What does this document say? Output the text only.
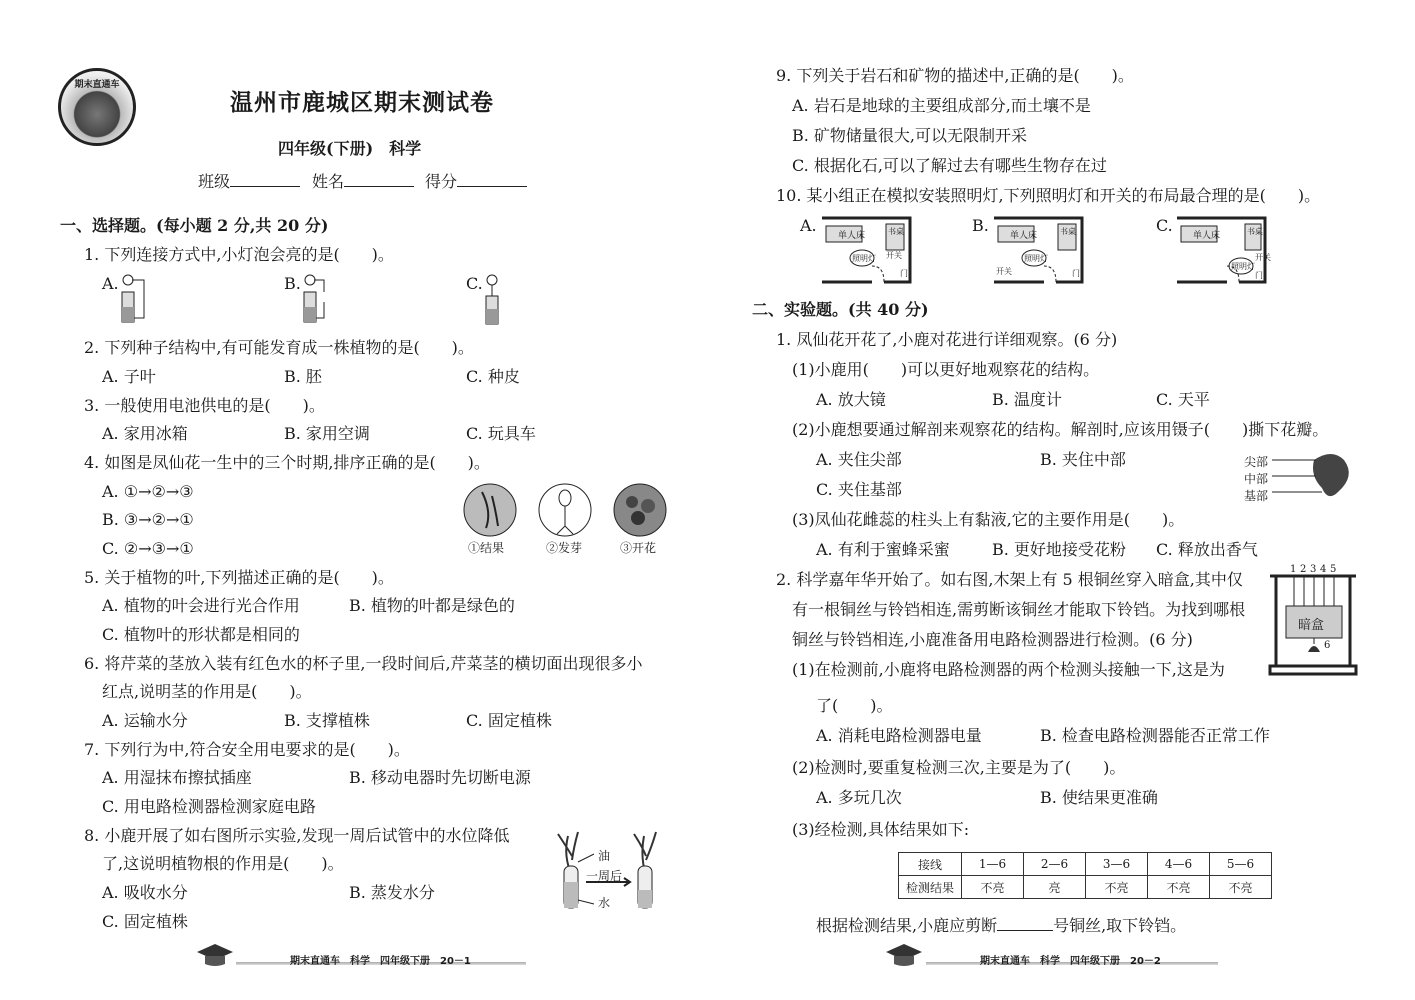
期末直通车
温州市鹿城区期末测试卷
四年级(下册)　科学
班级	姓名	得分
一、选择题。(每小题 2 分,共 20 分)
1. 下列连接方式中,小灯泡会亮的是(　　)。
A.	B.	C.
2. 下列种子结构中,有可能发育成一株植物的是(　　)。
A. 子叶	B. 胚	C. 种皮
3. 一般使用电池供电的是(　　)。
A. 家用冰箱	B. 家用空调	C. 玩具车
4. 如图是凤仙花一生中的三个时期,排序正确的是(　　)。
A. ①→②→③
B. ③→②→①
C. ②→③→①	①结果	②发芽	③开花
5. 关于植物的叶,下列描述正确的是(　　)。
A. 植物的叶会进行光合作用	B. 植物的叶都是绿色的
C. 植物叶的形状都是相同的
6. 将芹菜的茎放入装有红色水的杯子里,一段时间后,芹菜茎的横切面出现很多小
红点,说明茎的作用是(　　)。
A. 运输水分	B. 支撑植株	C. 固定植株
7. 下列行为中,符合安全用电要求的是(　　)。
A. 用湿抹布擦拭插座	B. 移动电器时先切断电源
C. 用电路检测器检测家庭电路
8. 小鹿开展了如右图所示实验,发现一周后试管中的水位降低
了,这说明植物根的作用是(　　)。
A. 吸收水分	B. 蒸发水分
C. 固定植株
油
一周后
水
期末直通车　科学　四年级下册　20－1
9. 下列关于岩石和矿物的描述中,正确的是(　　)。
A. 岩石是地球的主要组成部分,而土壤不是
B. 矿物储量很大,可以无限制开采
C. 根据化石,可以了解过去有哪些生物存在过
10. 某小组正在模拟安装照明灯,下列照明灯和开关的布局最合理的是(　　)。
A.	B.	C.
单人床	书桌
照明灯 开关
门
单人床	书桌
照明灯
开关	门
单人床	书桌
照明灯
开关
门
二、实验题。(共 40 分)
1. 凤仙花开花了,小鹿对花进行详细观察。(6 分)
(1)小鹿用(　　)可以更好地观察花的结构。
A. 放大镜	B. 温度计	C. 天平
(2)小鹿想要通过解剖来观察花的结构。解剖时,应该用镊子(　　)撕下花瓣。
A. 夹住尖部	B. 夹住中部
C. 夹住基部
尖部
中部
基部
(3)凤仙花雌蕊的柱头上有黏液,它的主要作用是(　　)。
A. 有利于蜜蜂采蜜	B. 更好地接受花粉 C. 释放出香气
2. 科学嘉年华开始了。如右图,木架上有 5 根铜丝穿入暗盒,其中仅
有一根铜丝与铃铛相连,需剪断该铜丝才能取下铃铛。为找到哪根
铜丝与铃铛相连,小鹿准备用电路检测器进行检测。(6 分)
1 2 3 4 5
暗盒
6
(1)在检测前,小鹿将电路检测器的两个检测头接触一下,这是为
了(　　)。
A. 消耗电路检测器电量	B. 检查电路检测器能否正常工作
(2)检测时,要重复检测三次,主要是为了(　　)。
A. 多玩几次	B. 使结果更准确
(3)经检测,具体结果如下:
接线	1—6	2—6	3—6	4—6	5—6
检测结果	不亮	亮	不亮	不亮	不亮
根据检测结果,小鹿应剪断	号铜丝,取下铃铛。
期末直通车　科学　四年级下册　20－2
